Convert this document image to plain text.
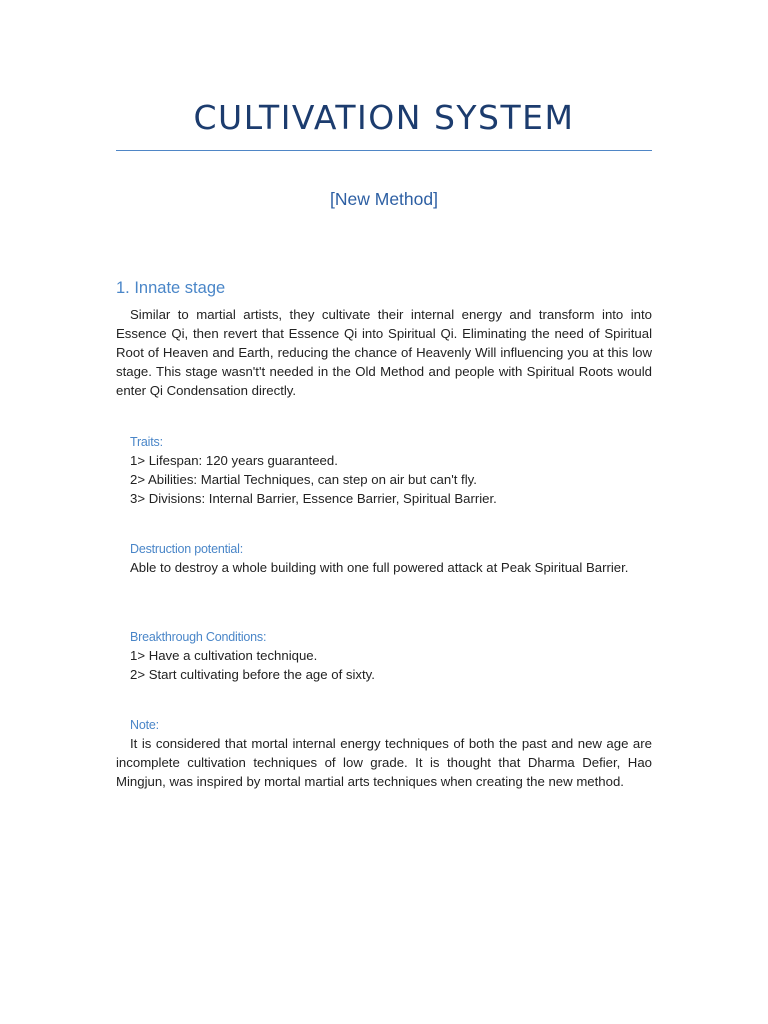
CULTIVATION SYSTEM
[New Method]
1. Innate stage
Similar to martial artists, they cultivate their internal energy and transform into into Essence Qi, then revert that Essence Qi into Spiritual Qi. Eliminating the need of Spiritual Root of Heaven and Earth, reducing the chance of Heavenly Will influencing you at this low stage. This stage wasn't't needed in the Old Method and people with Spiritual Roots would enter Qi Condensation directly.
Traits:
1> Lifespan: 120 years guaranteed.
2> Abilities: Martial Techniques, can step on air but can't fly.
3> Divisions: Internal Barrier, Essence Barrier, Spiritual Barrier.
Destruction potential:
Able to destroy a whole building with one full powered attack at Peak Spiritual Barrier.
Breakthrough Conditions:
1> Have a cultivation technique.
2> Start cultivating before the age of sixty.
Note:
It is considered that mortal internal energy techniques of both the past and new age are incomplete cultivation techniques of low grade. It is thought that Dharma Defier, Hao Mingjun, was inspired by mortal martial arts techniques when creating the new method.
